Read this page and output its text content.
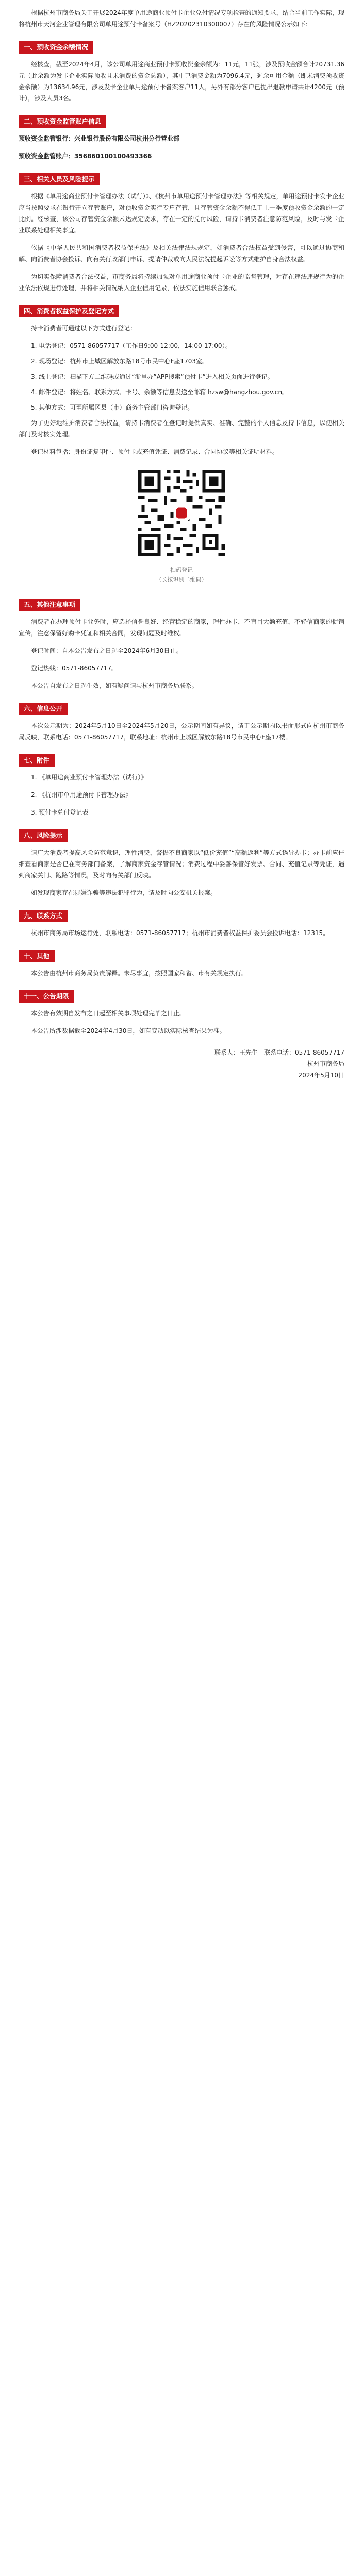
根据杭州市商务局关于开展2024年度单用途商业预付卡企业兑付情况专项检查的通知要求，结合当前工作实际，现将杭州市天河企业管理有限公司单用途预付卡备案号（HZ20202310300007）存在的风险情况公示如下：

一、预收资金余额情况

经核查，截至2024年4月，该公司单用途商业预付卡预收资金余额为：11元，11张，涉及预收金额合计20731.36元（此余额为发卡企业实际预收且未消费的资金总额），其中已消费金额为7096.4元，剩余可用金额（即未消费预收资金余额）为13634.96元，涉及发卡企业单用途预付卡备案客户11人，另外有部分客户已提出退款申请共计4200元（预计），涉及人员3名。

二、预收资金监管账户信息

预收资金监管银行：兴业银行股份有限公司杭州分行营业部

预收资金监管账户：356860100100493366

三、相关人员及风险提示

根据《单用途商业预付卡管理办法（试行）》、《杭州市单用途预付卡管理办法》等相关规定，单用途预付卡发卡企业应当按照要求在银行开立存管账户，对预收资金实行专户存管，且存管资金余额不得低于上一季度预收资金余额的一定比例。经核查，该公司存管资金余额未达规定要求，存在一定的兑付风险，请持卡消费者注意防范风险，及时与发卡企业联系处理相关事宜。

依据《中华人民共和国消费者权益保护法》及相关法律法规规定，如消费者合法权益受到侵害，可以通过协商和解、向消费者协会投诉、向有关行政部门申诉、提请仲裁或向人民法院提起诉讼等方式维护自身合法权益。

为切实保障消费者合法权益，市商务局将持续加强对单用途商业预付卡企业的监督管理，对存在违法违规行为的企业依法依规进行处理，并将相关情况纳入企业信用记录，依法实施信用联合惩戒。

四、消费者权益保护及登记方式

持卡消费者可通过以下方式进行登记：

1. 电话登记：0571-86057717（工作日9:00-12:00，14:00-17:00）。

2. 现场登记：杭州市上城区解放东路18号市民中心F座1703室。

3. 线上登记：扫描下方二维码或通过“浙里办”APP搜索“预付卡”进入相关页面进行登记。

4. 邮件登记：将姓名、联系方式、卡号、余额等信息发送至邮箱 hzsw@hangzhou.gov.cn。

5. 其他方式：可至所属区县（市）商务主管部门咨询登记。

为了更好地维护消费者合法权益，请持卡消费者在登记时提供真实、准确、完整的个人信息及持卡信息，以便相关部门及时核实处理。

登记材料包括：身份证复印件、预付卡或充值凭证、消费记录、合同协议等相关证明材料。

扫码登记
（长按识别二维码）
五、其他注意事项

消费者在办理预付卡业务时，应选择信誉良好、经营稳定的商家，理性办卡，不盲目大额充值，不轻信商家的促销宣传，注意保留好购卡凭证和相关合同，发现问题及时维权。

登记时间：自本公告发布之日起至2024年6月30日止。

登记热线：0571-86057717。

本公告自发布之日起生效，如有疑问请与杭州市商务局联系。

六、信息公开

本次公示期为：2024年5月10日至2024年5月20日，公示期间如有异议，请于公示期内以书面形式向杭州市商务局反映，联系电话：0571-86057717，联系地址：杭州市上城区解放东路18号市民中心F座17楼。

七、附件

1. 《单用途商业预付卡管理办法（试行）》

2. 《杭州市单用途预付卡管理办法》

3. 预付卡兑付登记表

八、风险提示

请广大消费者提高风险防范意识，理性消费，警惕不良商家以“低价充值”“高额返利”等方式诱导办卡；办卡前应仔细查看商家是否已在商务部门备案，了解商家资金存管情况；消费过程中妥善保管好发票、合同、充值记录等凭证，遇到商家关门、跑路等情况，及时向有关部门反映。

如发现商家存在涉嫌诈骗等违法犯罪行为，请及时向公安机关报案。

九、联系方式

杭州市商务局市场运行处，联系电话：0571-86057717；杭州市消费者权益保护委员会投诉电话：12315。

十、其他

本公告由杭州市商务局负责解释。未尽事宜，按照国家和省、市有关规定执行。

十一、公告期限

本公告有效期自发布之日起至相关事项处理完毕之日止。

本公告所涉数据截至2024年4月30日，如有变动以实际核查结果为准。

联系人：王先生　联系电话：0571-86057717

杭州市商务局

2024年5月10日
